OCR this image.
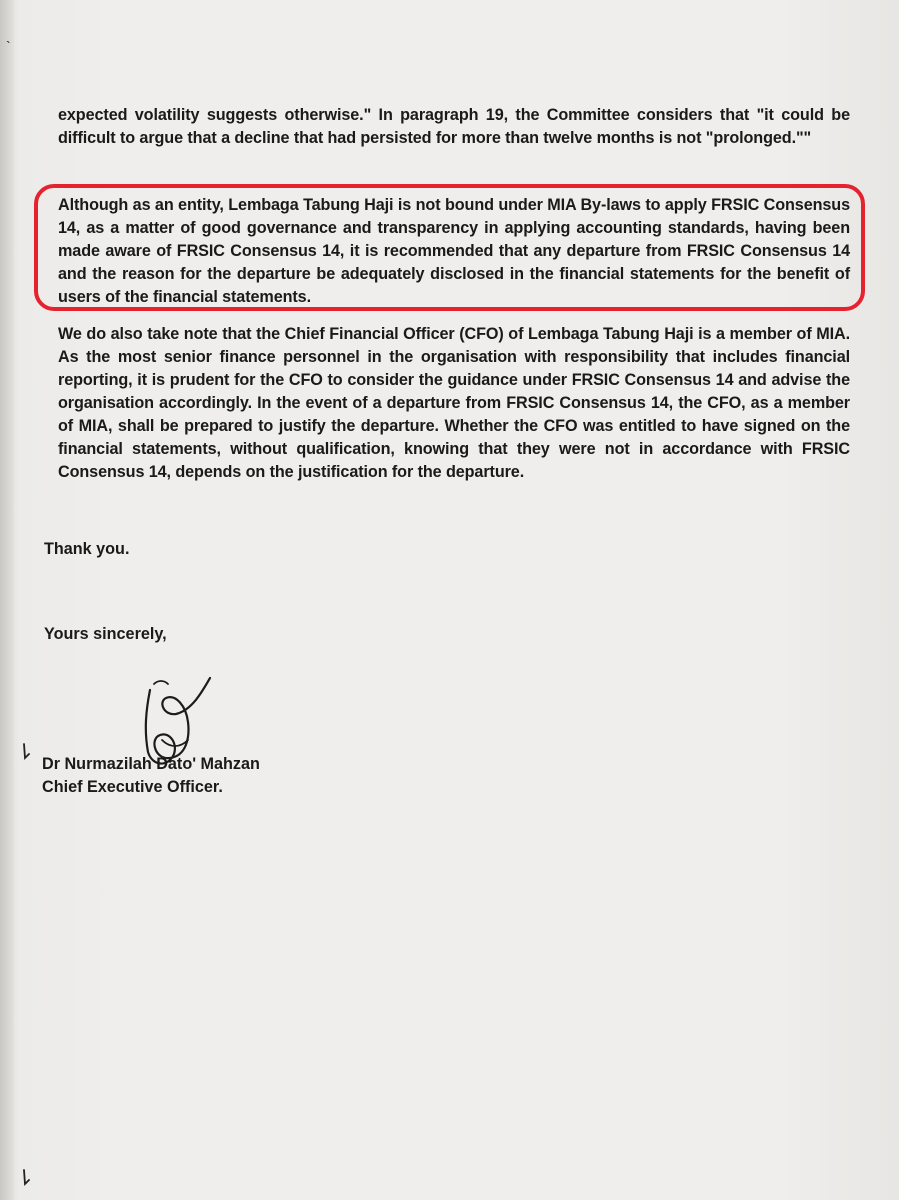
`
expected volatility suggests otherwise." In paragraph 19, the Committee considers that "it could be difficult to argue that a decline that had persisted for more than twelve months is not "prolonged.""
Although as an entity, Lembaga Tabung Haji is not bound under MIA By-laws to apply FRSIC Consensus 14, as a matter of good governance and transparency in applying accounting standards, having been made aware of FRSIC Consensus 14, it is recommended that any departure from FRSIC Consensus 14 and the reason for the departure be adequately disclosed in the financial statements for the benefit of users of the financial statements.
We do also take note that the Chief Financial Officer (CFO) of Lembaga Tabung Haji is a member of MIA. As the most senior finance personnel in the organisation with responsibility that includes financial reporting, it is prudent for the CFO to consider the guidance under FRSIC Consensus 14 and advise the organisation accordingly. In the event of a departure from FRSIC Consensus 14, the CFO, as a member of MIA, shall be prepared to justify the departure. Whether the CFO was entitled to have signed on the financial statements, without qualification, knowing that they were not in accordance with FRSIC Consensus 14, depends on the justification for the departure.
Thank you.
Yours sincerely,
Dr Nurmazilah Dato' Mahzan
Chief Executive Officer.
